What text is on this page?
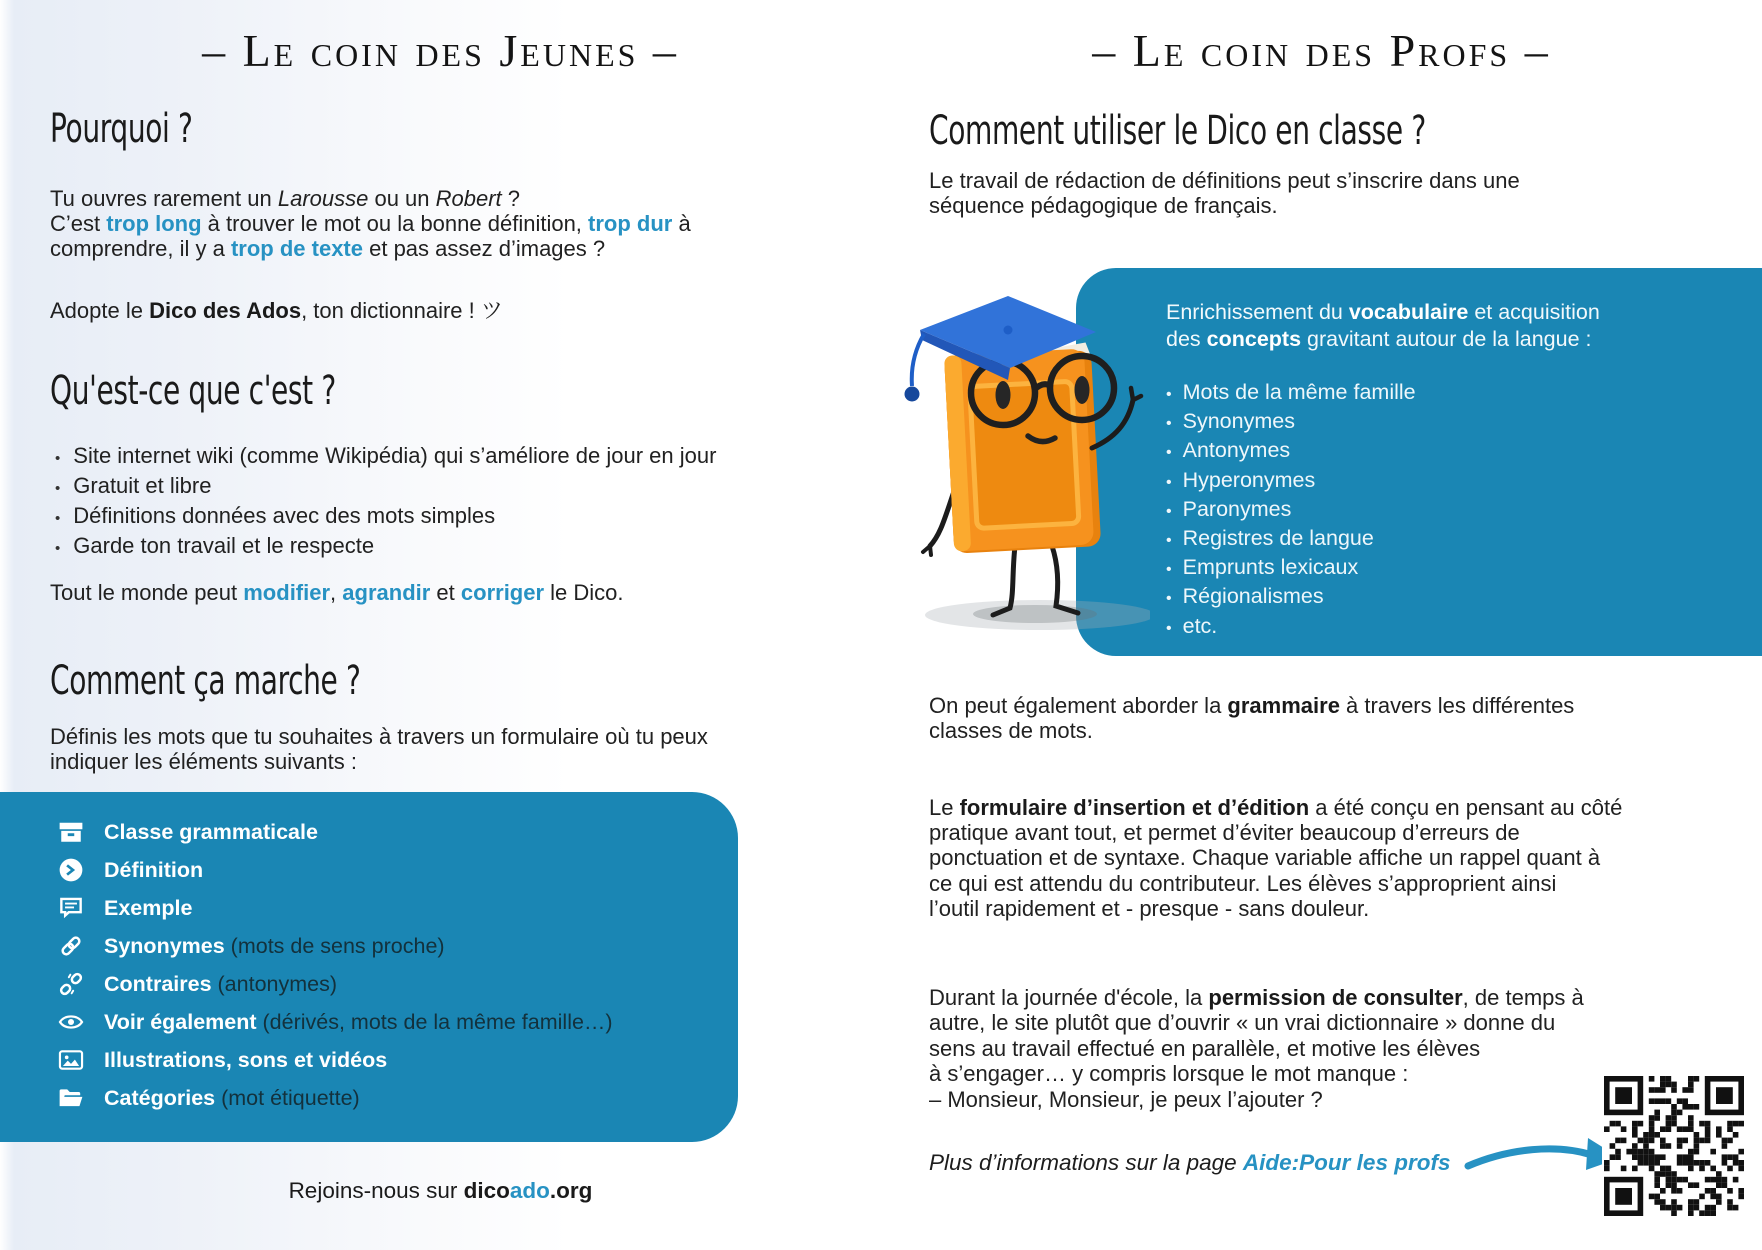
– Le coin des Jeunes –
Pourquoi ?
Tu ouvres rarement un Larousse ou un Robert ?
C’est trop long à trouver le mot ou la bonne définition, trop dur à
comprendre, il y a trop de texte et pas assez d’images ?
Adopte le Dico des Ados, ton dictionnaire ! ツ
Qu'est-ce que c'est ?
• Site internet wiki (comme Wikipédia) qui s’améliore de jour en jour
• Gratuit et libre
• Définitions données avec des mots simples
• Garde ton travail et le respecte
Tout le monde peut modifier, agrandir et corriger le Dico.
Comment ça marche ?
Définis les mots que tu souhaites à travers un formulaire où tu peux
indiquer les éléments suivants :
Classe grammaticale
Définition
Exemple
Synonymes (mots de sens proche)
Contraires (antonymes)
Voir également (dérivés, mots de la même famille…)
Illustrations, sons et vidéos
Catégories (mot étiquette)
Rejoins-nous sur dicoado.org
– Le coin des Profs –
Comment utiliser le Dico en classe ?
Le travail de rédaction de définitions peut s’inscrire dans une
séquence pédagogique de français.
Enrichissement du vocabulaire et acquisition
des concepts gravitant autour de la langue :
• Mots de la même famille
• Synonymes
• Antonymes
• Hyperonymes
• Paronymes
• Registres de langue
• Emprunts lexicaux
• Régionalismes
• etc.
On peut également aborder la grammaire à travers les différentes
classes de mots.
Le formulaire d’insertion et d’édition a été conçu en pensant au côté
pratique avant tout, et permet d’éviter beaucoup d’erreurs de
ponctuation et de syntaxe. Chaque variable affiche un rappel quant à
ce qui est attendu du contributeur. Les élèves s’approprient ainsi
l’outil rapidement et - presque - sans douleur.
Durant la journée d'école, la permission de consulter, de temps à
autre, le site plutôt que d’ouvrir « un vrai dictionnaire » donne du
sens au travail effectué en parallèle, et motive les élèves
à s’engager… y compris lorsque le mot manque :
– Monsieur, Monsieur, je peux l’ajouter ?
Plus d’informations sur la page Aide:Pour les profs
